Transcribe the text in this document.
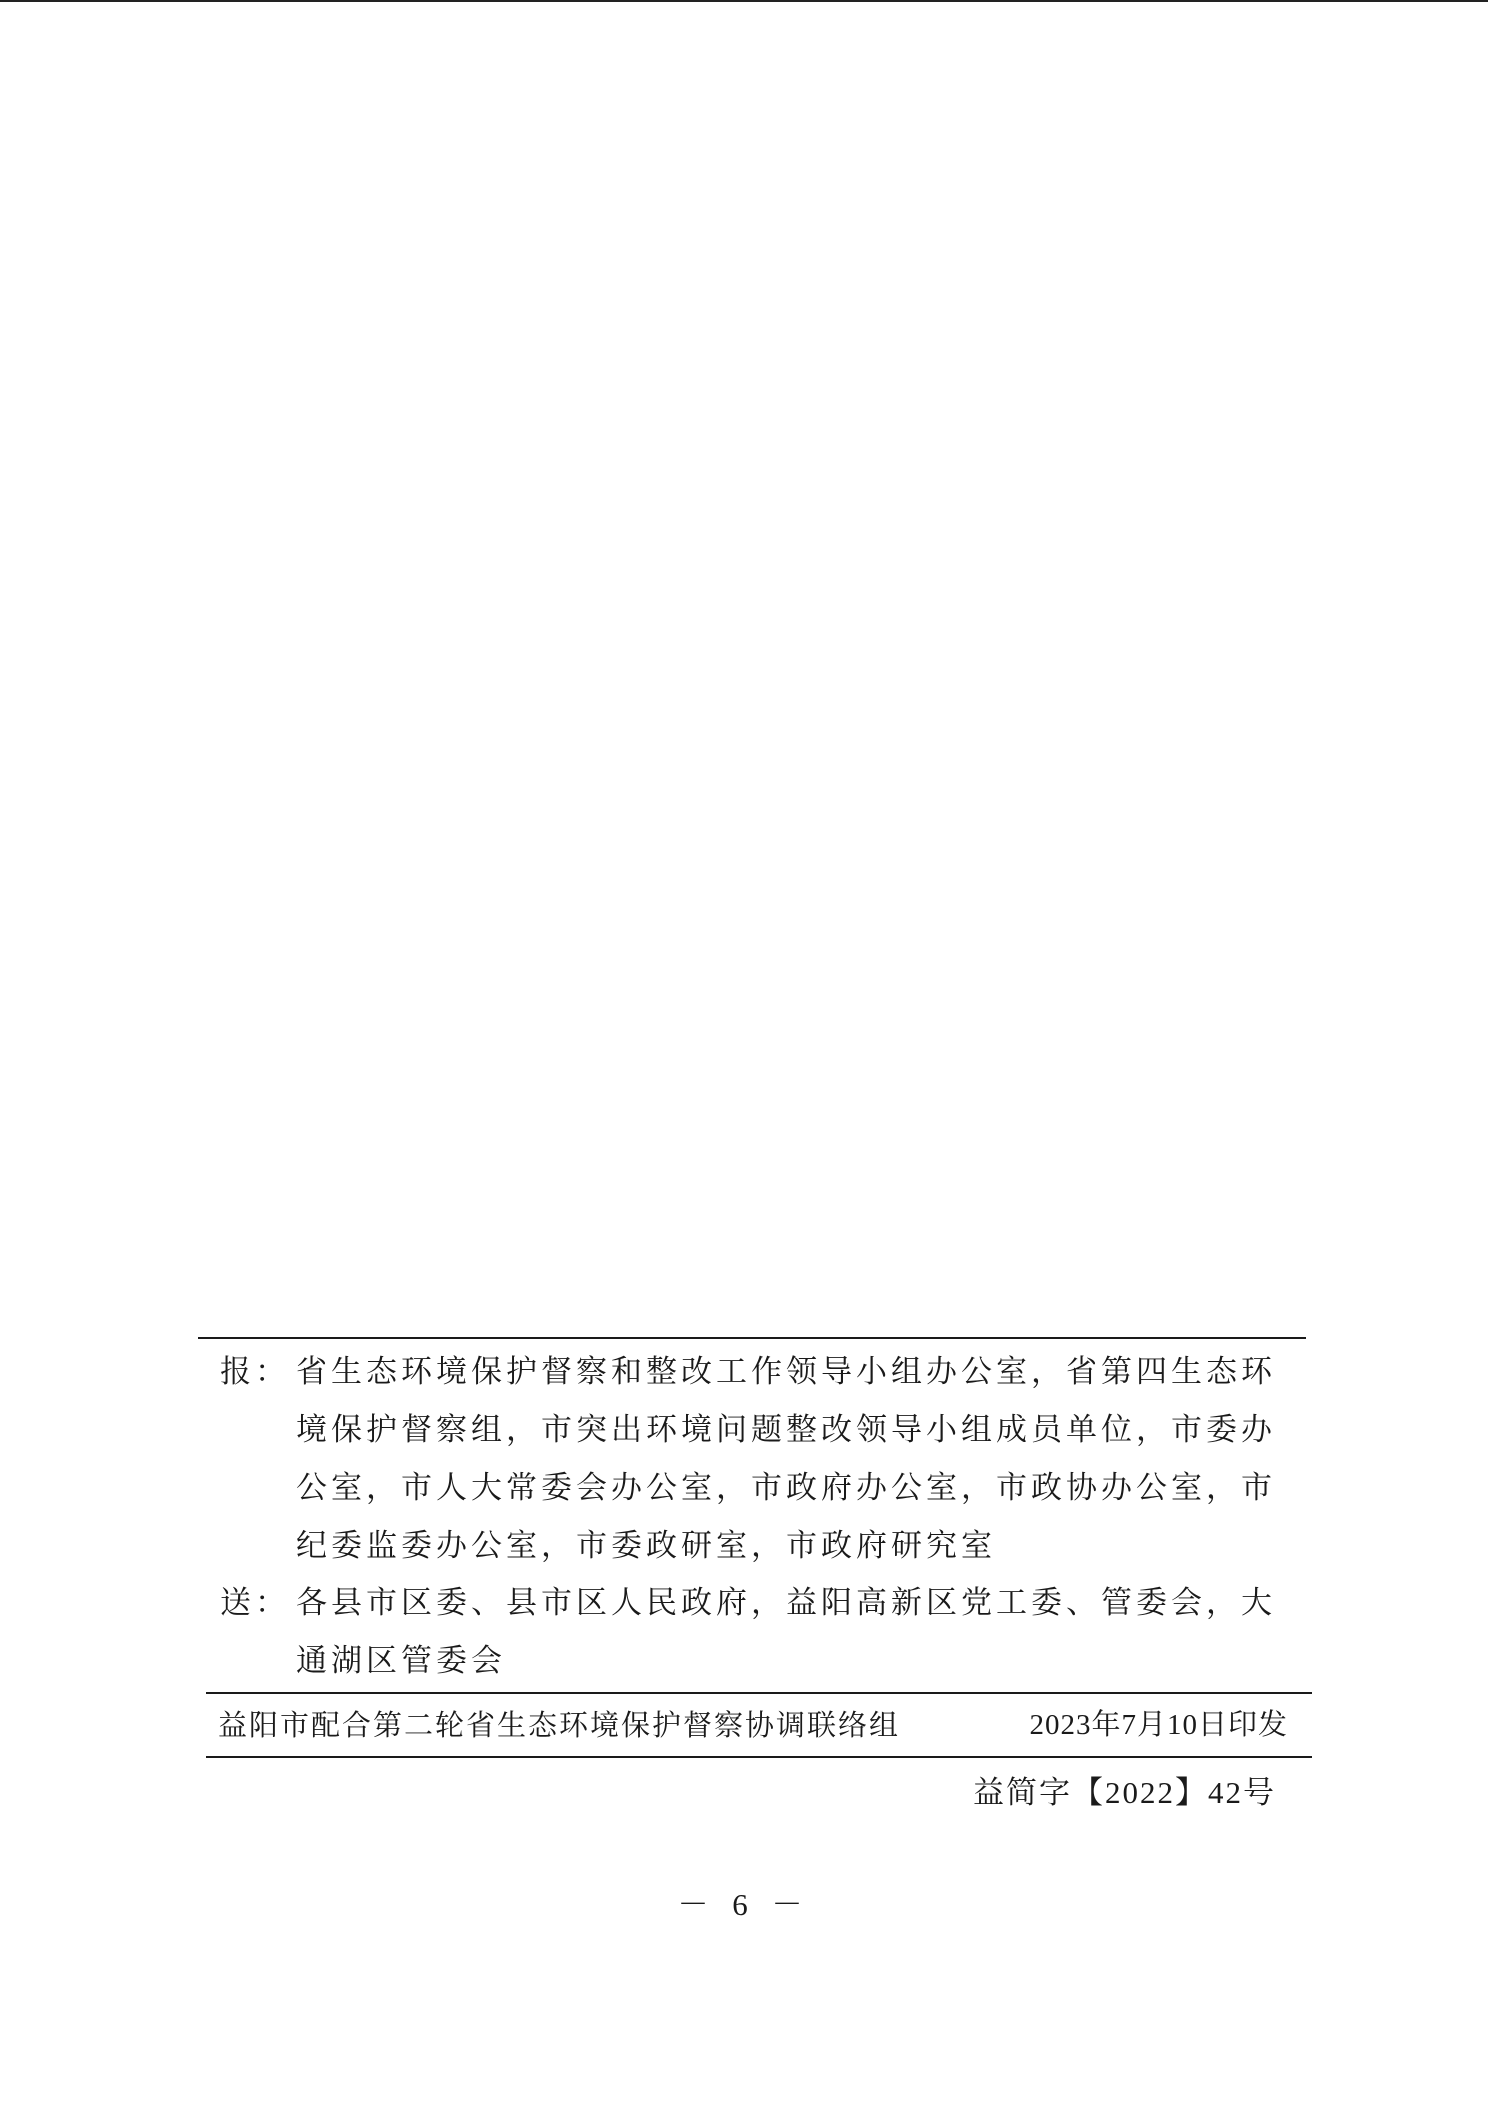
报： 省生态环境保护督察和整改工作领导小组办公室，省第四生态环境保护督察组，市突出环境问题整改领导小组成员单位，市委办公室，市人大常委会办公室，市政府办公室，市政协办公室，市纪委监委办公室，市委政研室，市政府研究室
送： 各县市区委、县市区人民政府，益阳高新区党工委、管委会，大通湖区管委会
益阳市配合第二轮省生态环境保护督察协调联络组	2023年7月10日印发
益简字【2022】42号
－ 6 －
